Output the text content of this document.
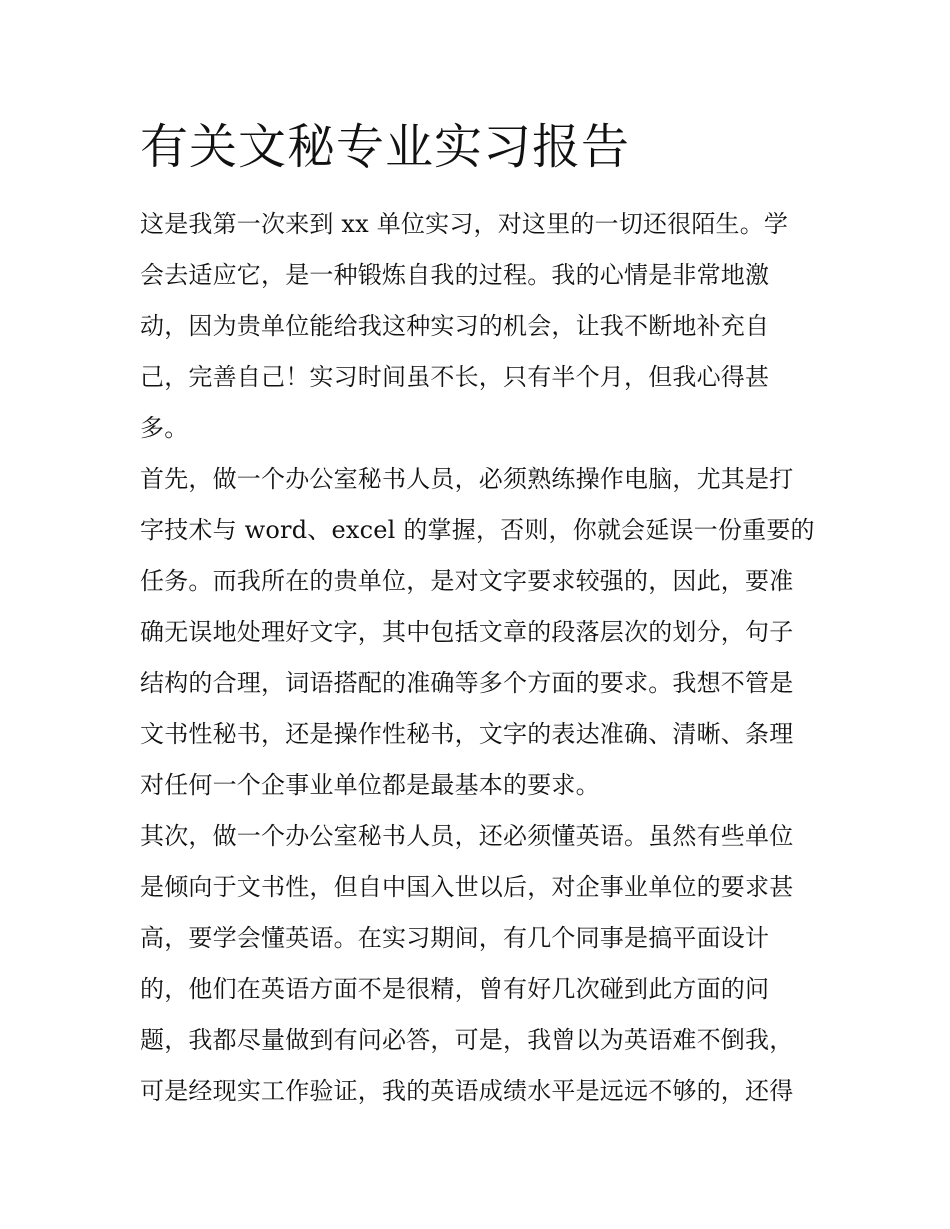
有关文秘专业实习报告

这是我第一次来到 xx 单位实习，对这里的一切还很陌生。学
会去适应它，是一种锻炼自我的过程。我的心情是非常地激
动，因为贵单位能给我这种实习的机会，让我不断地补充自
己，完善自己！实习时间虽不长，只有半个月，但我心得甚
多。

首先，做一个办公室秘书人员，必须熟练操作电脑，尤其是打
字技术与 word、excel 的掌握，否则，你就会延误一份重要的
任务。而我所在的贵单位，是对文字要求较强的，因此，要准
确无误地处理好文字，其中包括文章的段落层次的划分，句子
结构的合理，词语搭配的准确等多个方面的要求。我想不管是
文书性秘书，还是操作性秘书，文字的表达准确、清晰、条理
对任何一个企事业单位都是最基本的要求。

其次，做一个办公室秘书人员，还必须懂英语。虽然有些单位
是倾向于文书性，但自中国入世以后，对企事业单位的要求甚
高，要学会懂英语。在实习期间，有几个同事是搞平面设计
的，他们在英语方面不是很精，曾有好几次碰到此方面的问
题，我都尽量做到有问必答，可是，我曾以为英语难不倒我，
可是经现实工作验证，我的英语成绩水平是远远不够的，还得
